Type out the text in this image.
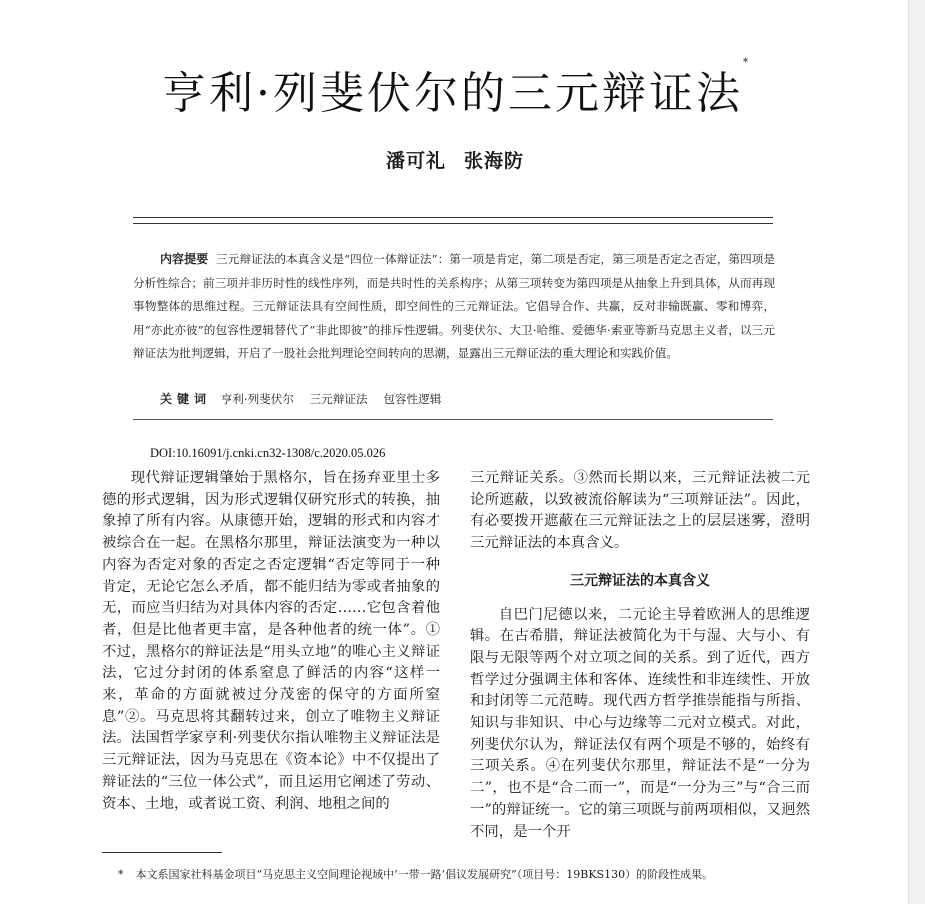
亨利·列斐伏尔的三元辩证法*
潘可礼 张海防
内容提要 三元辩证法的本真含义是“四位一体辩证法”：第一项是肯定，第二项是否定，第三项是否定之否定，第四项是分析性综合；前三项并非历时性的线性序列，而是共时性的关系构序；从第三项转变为第四项是从抽象上升到具体，从而再现事物整体的思维过程。三元辩证法具有空间性质，即空间性的三元辩证法。它倡导合作、共赢，反对非输既赢、零和博弈，用“亦此亦彼”的包容性逻辑替代了“非此即彼”的排斥性逻辑。列斐伏尔、大卫·哈维、爱德华·索亚等新马克思主义者，以三元辩证法为批判逻辑，开启了一股社会批判理论空间转向的思潮，显露出三元辩证法的重大理论和实践价值。
关键词 亨利·列斐伏尔 三元辩证法 包容性逻辑
DOI:10.16091/j.cnki.cn32-1308/c.2020.05.026

现代辩证逻辑肇始于黑格尔，旨在扬弃亚里士多德的形式逻辑，因为形式逻辑仅研究形式的转换，抽象掉了所有内容。从康德开始，逻辑的形式和内容才被综合在一起。在黑格尔那里，辩证法演变为一种以内容为否定对象的否定之否定逻辑“否定等同于一种肯定，无论它怎么矛盾，都不能归结为零或者抽象的无，而应当归结为对具体内容的否定……它包含着他者，但是比他者更丰富，是各种他者的统一体”。①不过，黑格尔的辩证法是“用头立地”的唯心主义辩证法，它过分封闭的体系窒息了鲜活的内容“这样一来，革命的方面就被过分茂密的保守的方面所窒息”②。马克思将其翻转过来，创立了唯物主义辩证法。法国哲学家亨利·列斐伏尔指认唯物主义辩证法是三元辩证法，因为马克思在《资本论》中不仅提出了辩证法的“三位一体公式”，而且运用它阐述了劳动、资本、土地，或者说工资、利润、地租之间的

三元辩证关系。③然而长期以来，三元辩证法被二元论所遮蔽，以致被流俗解读为“三项辩证法”。因此，有必要拨开遮蔽在三元辩证法之上的层层迷雾，澄明三元辩证法的本真含义。

三元辩证法的本真含义

自巴门尼德以来，二元论主导着欧洲人的思维逻辑。在古希腊，辩证法被简化为干与湿、大与小、有限与无限等两个对立项之间的关系。到了近代，西方哲学过分强调主体和客体、连续性和非连续性、开放和封闭等二元范畴。现代西方哲学推崇能指与所指、知识与非知识、中心与边缘等二元对立模式。对此，列斐伏尔认为，辩证法仅有两个项是不够的，始终有三项关系。④在列斐伏尔那里，辩证法不是“一分为二”，也不是“合二而一”，而是“一分为三”与“合三而一”的辩证统一。它的第三项既与前两项相似，又迥然不同，是一个开

* 本文系国家社科基金项目“马克思主义空间理论视域中‘一带一路’倡议发展研究”（项目号：19BKS130）的阶段性成果。
